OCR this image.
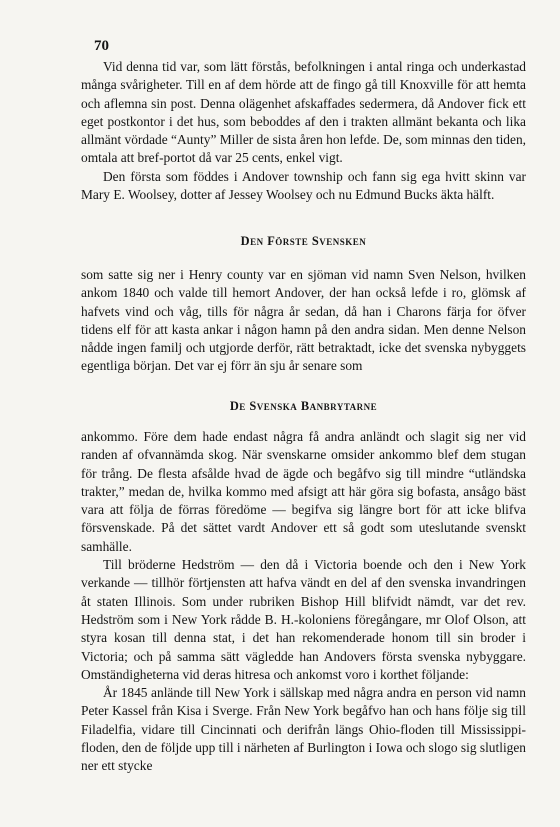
70

Vid denna tid var, som lätt förstås, befolkningen i antal ringa och underkastad många svårigheter. Till en af dem hörde att de fingo gå till Knoxville för att hemta och aflemna sin post. Denna olägenhet afskaffades sedermera, då Andover fick ett eget postkontor i det hus, som beboddes af den i trakten allmänt bekanta och lika allmänt vördade “Aunty” Miller de sista åren hon lefde. De, som minnas den tiden, omtala att bref-portot då var 25 cents, enkel vigt.

Den första som föddes i Andover township och fann sig ega hvitt skinn var Mary E. Woolsey, dotter af Jessey Woolsey och nu Edmund Bucks äkta hälft.

Den Förste Svensken

som satte sig ner i Henry county var en sjöman vid namn Sven Nelson, hvilken ankom 1840 och valde till hemort Andover, der han också lefde i ro, glömsk af hafvets vind och våg, tills för några år sedan, då han i Charons färja for öfver tidens elf för att kasta ankar i någon hamn på den andra sidan. Men denne Nelson nådde ingen familj och utgjorde derför, rätt betraktadt, icke det svenska nybyggets egentliga början. Det var ej förr än sju år senare som

De Svenska Banbrytarne

ankommo. Före dem hade endast några få andra anländt och slagit sig ner vid randen af ofvannämda skog. När svenskarne omsider ankommo blef dem stugan för trång. De flesta afsålde hvad de ägde och begåfvo sig till mindre “utländska trakter,” medan de, hvilka kommo med afsigt att här göra sig bofasta, ansågo bäst vara att följa de förras föredöme — begifva sig längre bort för att icke blifva försvenskade. På det sättet vardt Andover ett så godt som uteslutande svenskt samhälle.

Till bröderne Hedström — den då i Victoria boende och den i New York verkande — tillhör förtjensten att hafva vändt en del af den svenska invandringen åt staten Illinois. Som under rubriken Bishop Hill blifvidt nämdt, var det rev. Hedström som i New York rådde B. H.-koloniens föregångare, mr Olof Olson, att styra kosan till denna stat, i det han rekomenderade honom till sin broder i Victoria; och på samma sätt vägledde han Andovers första svenska nybyggare. Omständigheterna vid deras hitresa och ankomst voro i korthet följande:

År 1845 anlände till New York i sällskap med några andra en person vid namn Peter Kassel från Kisa i Sverge. Från New York begåfvo han och hans följe sig till Filadelfia, vidare till Cincinnati och derifrån längs Ohio-floden till Mississippi-floden, den de följde upp till i närheten af Burlington i Iowa och slogo sig slutligen ner ett stycke
